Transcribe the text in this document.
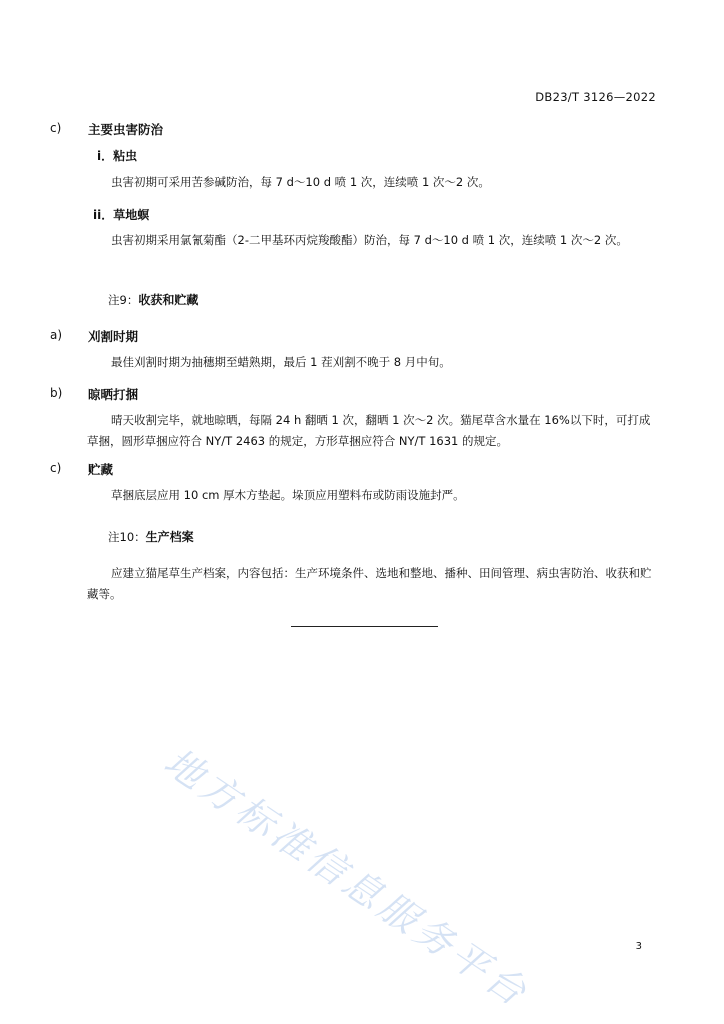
DB23/T 3126—2022
c) 主要虫害防治
i．粘虫
虫害初期可采用苦参碱防治，每 7 d～10 d 喷 1 次，连续喷 1 次～2 次。
ii．草地螟
虫害初期采用氯氰菊酯（2-二甲基环丙烷羧酸酯）防治，每 7 d～10 d 喷 1 次，连续喷 1 次～2 次。
注9：收获和贮藏
a) 刈割时期
最佳刈割时期为抽穗期至蜡熟期，最后 1 茬刈割不晚于 8 月中旬。
b) 晾晒打捆
晴天收割完毕，就地晾晒，每隔 24 h 翻晒 1 次，翻晒 1 次～2 次。猫尾草含水量在 16%以下时，可打成草捆，圆形草捆应符合 NY/T 2463 的规定，方形草捆应符合 NY/T 1631 的规定。
c) 贮藏
草捆底层应用 10 cm 厚木方垫起。垛顶应用塑料布或防雨设施封严。
注10：生产档案
应建立猫尾草生产档案，内容包括：生产环境条件、选地和整地、播种、田间管理、病虫害防治、收获和贮藏等。
地方标准信息服务平台	3
